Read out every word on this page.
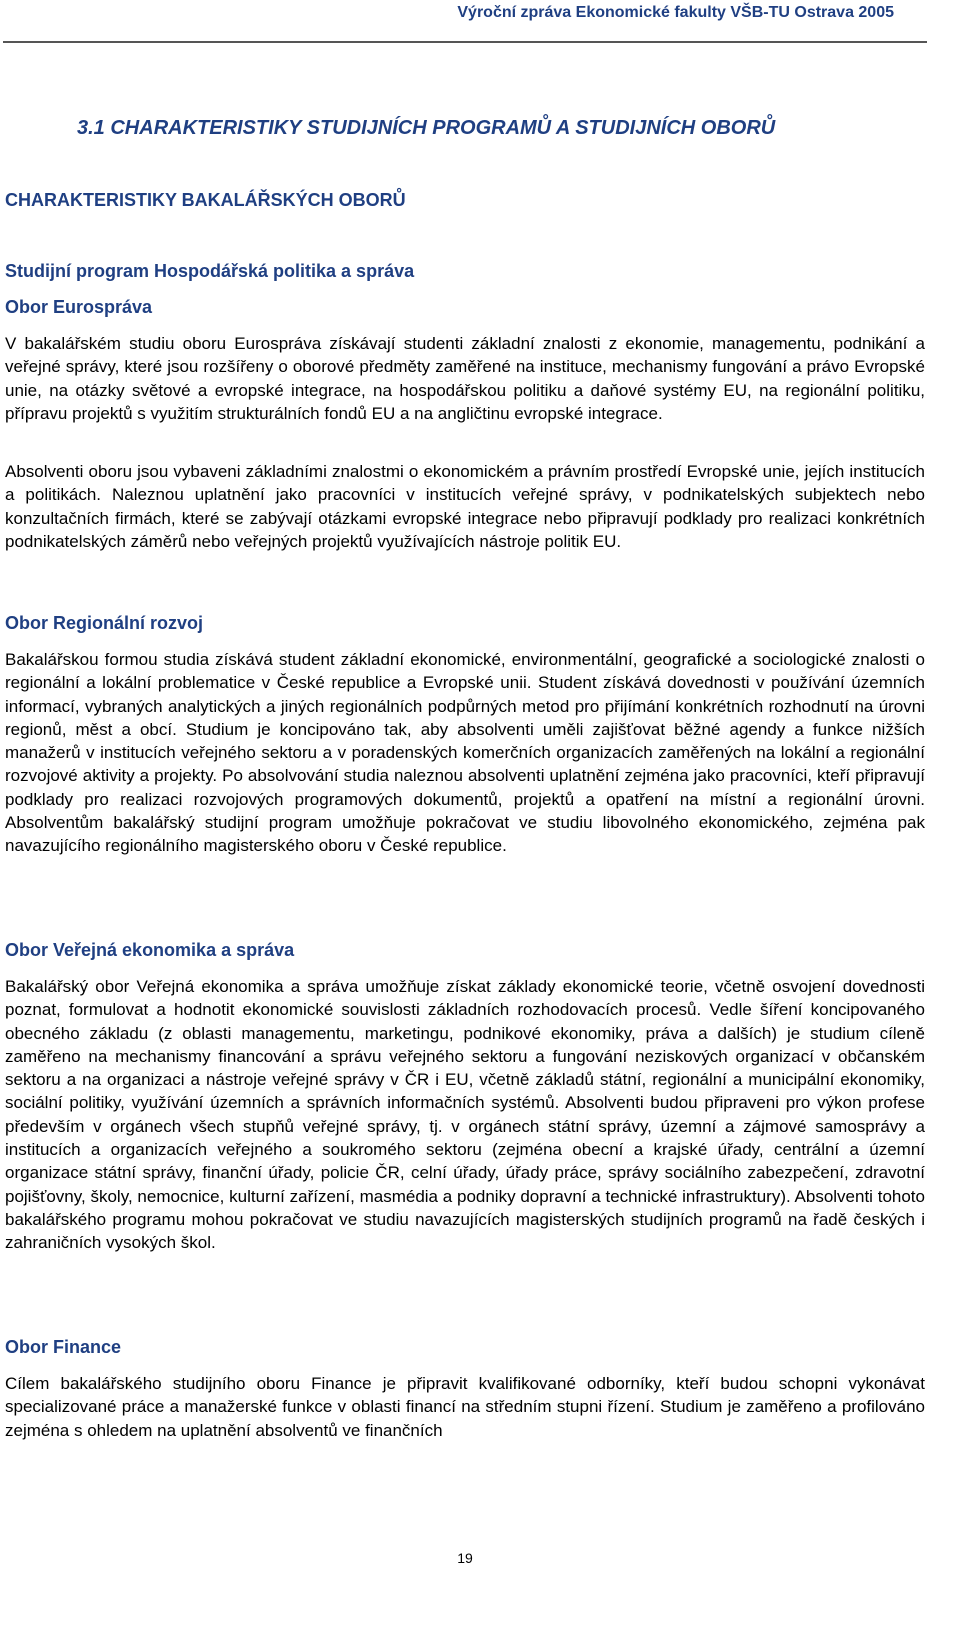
Výroční zpráva Ekonomické fakulty VŠB-TU Ostrava 2005
3.1 CHARAKTERISTIKY STUDIJNÍCH PROGRAMŮ A STUDIJNÍCH OBORŮ
CHARAKTERISTIKY BAKALÁŘSKÝCH OBORŮ
Studijní program Hospodářská politika a správa
Obor Eurospráva

V bakalářském studiu oboru Eurospráva získávají studenti základní znalosti z ekonomie, managementu, podnikání a veřejné správy, které jsou rozšířeny o oborové předměty zaměřené na instituce, mechanismy fungování a právo Evropské unie, na otázky světové a evropské integrace, na hospodářskou politiku a daňové systémy EU, na regionální politiku, přípravu projektů s využitím strukturálních fondů EU a na angličtinu evropské integrace.

Absolventi oboru jsou vybaveni základními znalostmi o ekonomickém a právním prostředí Evropské unie, jejích institucích a politikách. Naleznou uplatnění jako pracovníci v institucích veřejné správy, v podnikatelských subjektech nebo konzultačních firmách, které se zabývají otázkami evropské integrace nebo připravují podklady pro realizaci konkrétních podnikatelských záměrů nebo veřejných projektů využívajících nástroje politik EU.

Obor Regionální rozvoj

Bakalářskou formou studia získává student základní ekonomické, environmentální, geografické a sociologické znalosti o regionální a lokální problematice v České republice a Evropské unii. Student získává dovednosti v používání územních informací, vybraných analytických a jiných regionálních podpůrných metod pro přijímání konkrétních rozhodnutí na úrovni regionů, měst a obcí. Studium je koncipováno tak, aby absolventi uměli zajišťovat běžné agendy a funkce nižších manažerů v institucích veřejného sektoru a v poradenských komerčních organizacích zaměřených na lokální a regionální rozvojové aktivity a projekty. Po absolvování studia naleznou absolventi uplatnění zejména jako pracovníci, kteří připravují podklady pro realizaci rozvojových programových dokumentů, projektů a opatření na místní a regionální úrovni. Absolventům bakalářský studijní program umožňuje pokračovat ve studiu libovolného ekonomického, zejména pak navazujícího regionálního magisterského oboru v České republice.

Obor Veřejná ekonomika a správa

Bakalářský obor Veřejná ekonomika a správa umožňuje získat základy ekonomické teorie, včetně osvojení dovednosti poznat, formulovat a hodnotit ekonomické souvislosti základních rozhodovacích procesů. Vedle šíření koncipovaného obecného základu (z oblasti managementu, marketingu, podnikové ekonomiky, práva a dalších) je studium cíleně zaměřeno na mechanismy financování a správu veřejného sektoru a fungování neziskových organizací v občanském sektoru a na organizaci a nástroje veřejné správy v ČR i EU, včetně základů státní, regionální a municipální ekonomiky, sociální politiky, využívání územních a správních informačních systémů. Absolventi budou připraveni pro výkon profese především v orgánech všech stupňů veřejné správy, tj. v orgánech státní správy, územní a zájmové samosprávy a institucích a organizacích veřejného a soukromého sektoru (zejména obecní a krajské úřady, centrální a územní organizace státní správy, finanční úřady, policie ČR, celní úřady, úřady práce, správy sociálního zabezpečení, zdravotní pojišťovny, školy, nemocnice, kulturní zařízení, masmédia a podniky dopravní a technické infrastruktury). Absolventi tohoto bakalářského programu mohou pokračovat ve studiu navazujících magisterských studijních programů na řadě českých i zahraničních vysokých škol.

Obor Finance

Cílem bakalářského studijního oboru Finance je připravit kvalifikované odborníky, kteří budou schopni vykonávat specializované práce a manažerské funkce v oblasti financí na středním stupni řízení. Studium je zaměřeno a profilováno zejména s ohledem na uplatnění absolventů ve finančních

19
